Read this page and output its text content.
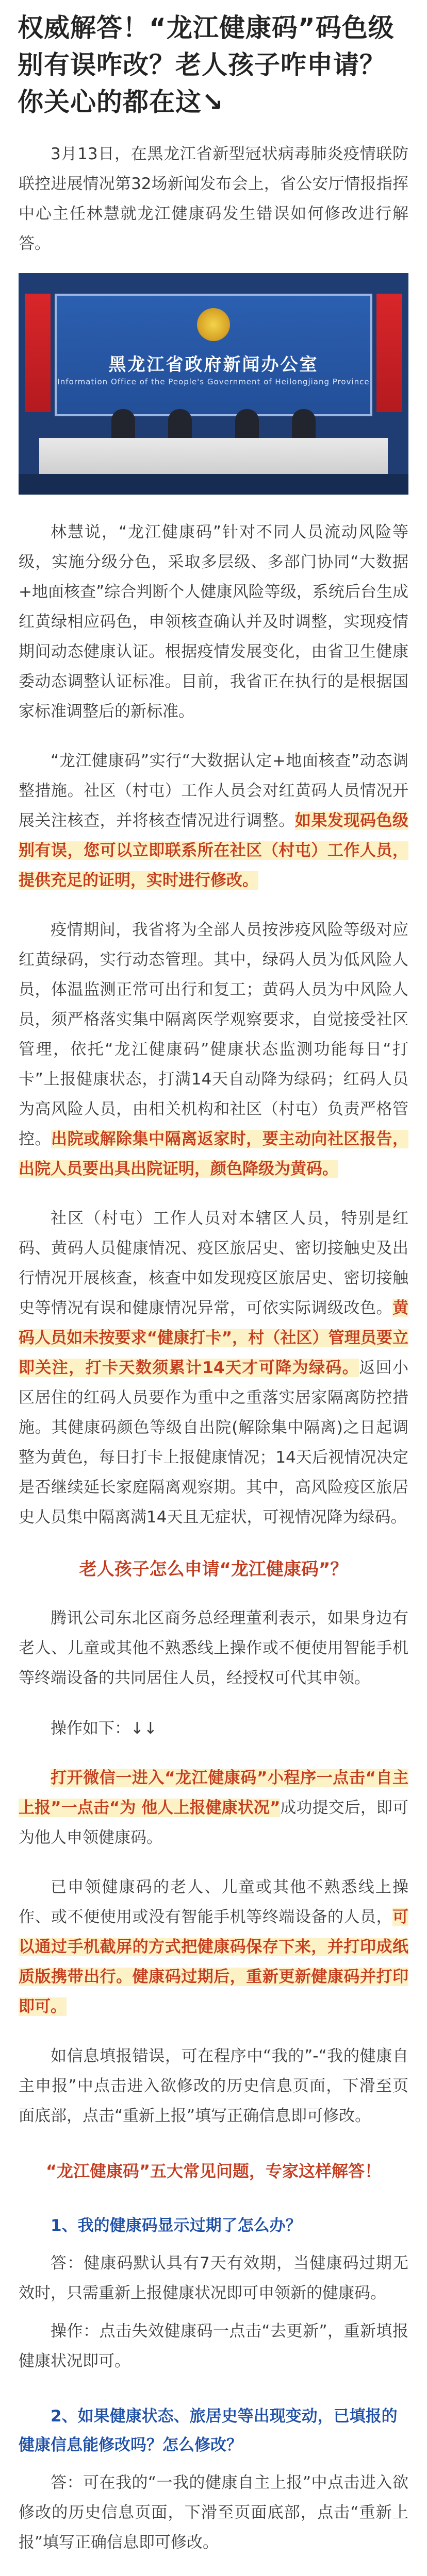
权威解答！“龙江健康码”码色级别有误咋改？老人孩子咋申请？你关心的都在这↘
3月13日，在黑龙江省新型冠状病毒肺炎疫情联防联控进展情况第32场新闻发布会上，省公安厅情报指挥中心主任林慧就龙江健康码发生错误如何修改进行解答。
黑龙江省政府新闻办公室
Information Office of the People's Government of Heilongjiang Province
林慧说，“龙江健康码”针对不同人员流动风险等级，实施分级分色，采取多层级、多部门协同“大数据+地面核查”综合判断个人健康风险等级，系统后台生成红黄绿相应码色，申领核查确认并及时调整，实现疫情期间动态健康认证。根据疫情发展变化，由省卫生健康委动态调整认证标准。目前，我省正在执行的是根据国家标准调整后的新标准。
“龙江健康码”实行“大数据认定+地面核查”动态调整措施。社区（村屯）工作人员会对红黄码人员情况开展关注核查，并将核查情况进行调整。如果发现码色级别有误，您可以立即联系所在社区（村屯）工作人员，提供充足的证明，实时进行修改。
疫情期间，我省将为全部人员按涉疫风险等级对应红黄绿码，实行动态管理。其中，绿码人员为低风险人员，体温监测正常可出行和复工；黄码人员为中风险人员，须严格落实集中隔离医学观察要求，自觉接受社区管理，依托“龙江健康码”健康状态监测功能每日“打卡”上报健康状态，打满14天自动降为绿码；红码人员为高风险人员，由相关机构和社区（村屯）负责严格管控。出院或解除集中隔离返家时，要主动向社区报告，出院人员要出具出院证明，颜色降级为黄码。
社区（村屯）工作人员对本辖区人员，特别是红码、黄码人员健康情况、疫区旅居史、密切接触史及出行情况开展核查，核查中如发现疫区旅居史、密切接触史等情况有误和健康情况异常，可依实际调级改色。黄码人员如未按要求“健康打卡”，村（社区）管理员要立即关注，打卡天数须累计14天才可降为绿码。返回小区居住的红码人员要作为重中之重落实居家隔离防控措施。其健康码颜色等级自出院(解除集中隔离)之日起调整为黄色，每日打卡上报健康情况；14天后视情况决定是否继续延长家庭隔离观察期。其中，高风险疫区旅居史人员集中隔离满14天且无症状，可视情况降为绿码。
老人孩子怎么申请“龙江健康码”？
腾讯公司东北区商务总经理董利表示，如果身边有老人、儿童或其他不熟悉线上操作或不便使用智能手机等终端设备的共同居住人员，经授权可代其申领。
操作如下：↓↓
打开微信一进入“龙江健康码”小程序一点击“自主上报”一点击“为 他人上报健康状况”成功提交后，即可为他人申领健康码。
已申领健康码的老人、儿童或其他不熟悉线上操作、或不便使用或没有智能手机等终端设备的人员，可以通过手机截屏的方式把健康码保存下来，并打印成纸质版携带出行。健康码过期后，重新更新健康码并打印即可。
如信息填报错误，可在程序中“我的”-“我的健康自主申报”中点击进入欲修改的历史信息页面，下滑至页面底部，点击“重新上报”填写正确信息即可修改。
“龙江健康码”五大常见问题，专家这样解答！
1、我的健康码显示过期了怎么办？
答：健康码默认具有7天有效期，当健康码过期无效时，只需重新上报健康状况即可申领新的健康码。
操作：点击失效健康码一点击“去更新”，重新填报健康状况即可。
2、如果健康状态、旅居史等出现变动，已填报的健康信息能修改吗？怎么修改？
答：可在我的“一我的健康自主上报”中点击进入欲修改的历史信息页面，下滑至页面底部，点击“重新上报”填写正确信息即可修改。
